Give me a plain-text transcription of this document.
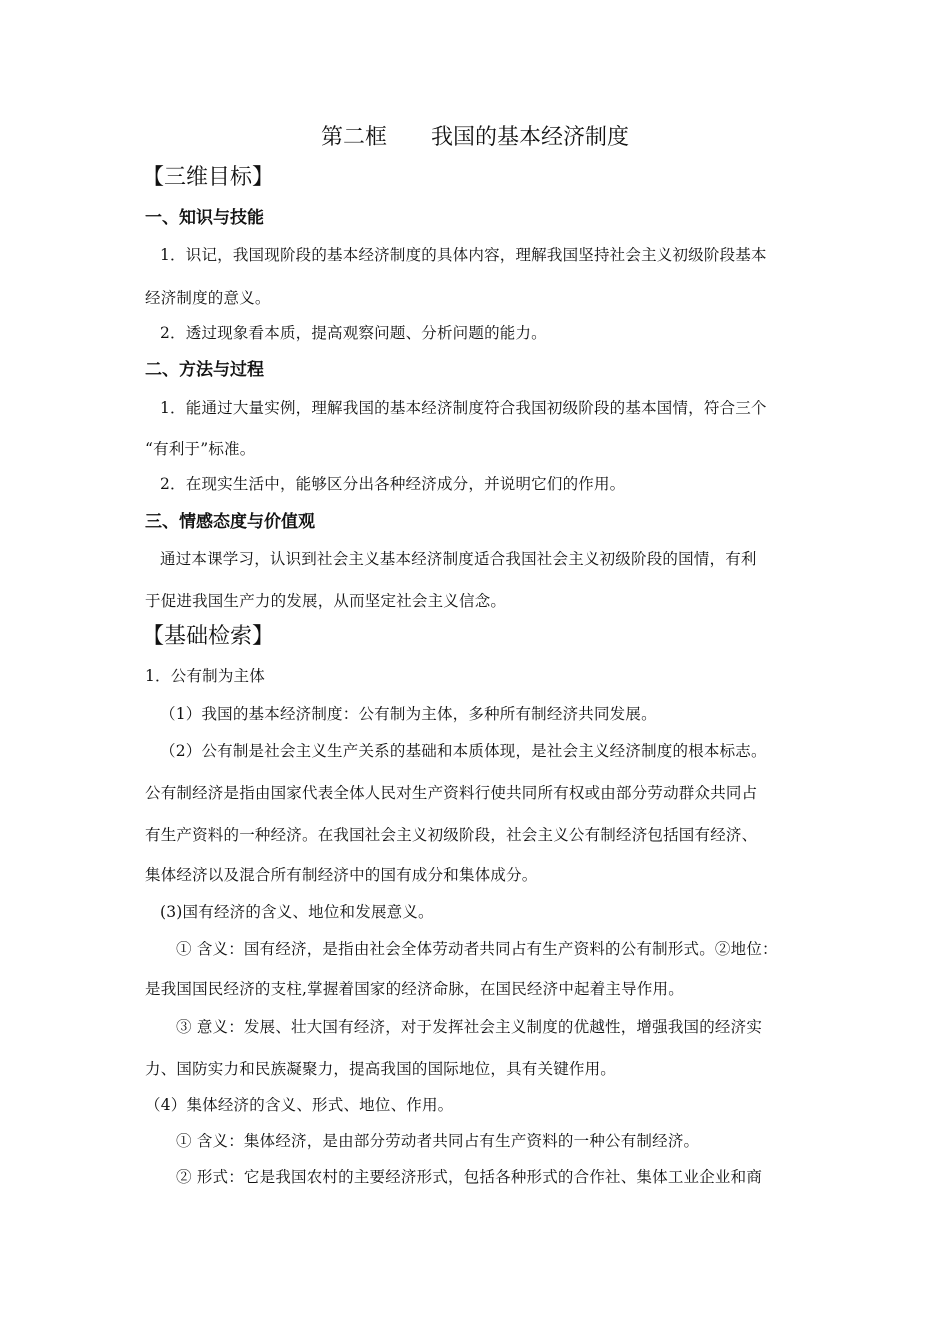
第二框　　我国的基本经济制度
【三维目标】
一、知识与技能
1．识记，我国现阶段的基本经济制度的具体内容，理解我国坚持社会主义初级阶段基本
经济制度的意义。
2．透过现象看本质，提高观察问题、分析问题的能力。
二、方法与过程
1．能通过大量实例，理解我国的基本经济制度符合我国初级阶段的基本国情，符合三个
“有利于”标准。
2．在现实生活中，能够区分出各种经济成分，并说明它们的作用。
三、情感态度与价值观
通过本课学习，认识到社会主义基本经济制度适合我国社会主义初级阶段的国情，有利
于促进我国生产力的发展，从而坚定社会主义信念。
【基础检索】
1．公有制为主体
（1）我国的基本经济制度：公有制为主体，多种所有制经济共同发展。
（2）公有制是社会主义生产关系的基础和本质体现，是社会主义经济制度的根本标志。
公有制经济是指由国家代表全体人民对生产资料行使共同所有权或由部分劳动群众共同占
有生产资料的一种经济。在我国社会主义初级阶段，社会主义公有制经济包括国有经济、
集体经济以及混合所有制经济中的国有成分和集体成分。
(3)国有经济的含义、地位和发展意义。
① 含义：国有经济，是指由社会全体劳动者共同占有生产资料的公有制形式。②地位：
是我国国民经济的支柱,掌握着国家的经济命脉，在国民经济中起着主导作用。
③ 意义：发展、壮大国有经济，对于发挥社会主义制度的优越性，增强我国的经济实
力、国防实力和民族凝聚力，提高我国的国际地位，具有关键作用。
（4）集体经济的含义、形式、地位、作用。
① 含义：集体经济，是由部分劳动者共同占有生产资料的一种公有制经济。
② 形式：它是我国农村的主要经济形式，包括各种形式的合作社、集体工业企业和商
